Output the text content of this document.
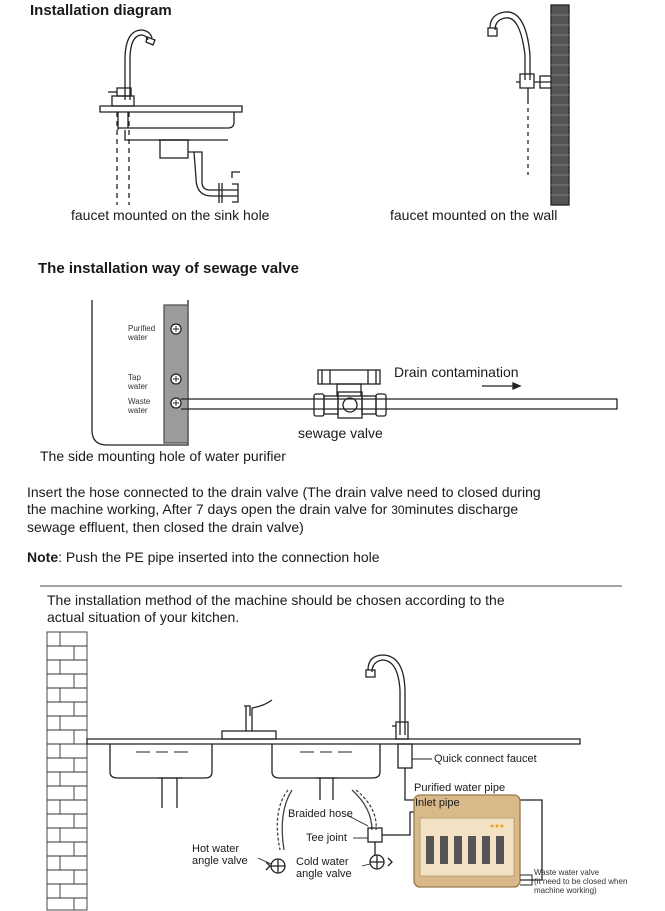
Installation diagram
faucet mounted on the sink hole	faucet mounted on the wall
The installation way of sewage valve
Purified
water
Tap
water
Waste
water
Drain contamination
sewage valve
The side mounting hole of water purifier
Insert the hose connected to the drain valve (The drain valve need to closed during
the machine working, After 7 days open the drain valve for 30minutes discharge
sewage effluent, then closed the drain valve)
Note: Push the PE pipe inserted into the connection hole
The installation method of the machine should be chosen according to the
actual situation of your kitchen.
Quick connect faucet
Purified water pipe
Inlet pipe
Braided hose
Tee joint
Hot water
angle valve	Cold water
angle valve	Waste water valve
(it need to be closed when
machine working)
